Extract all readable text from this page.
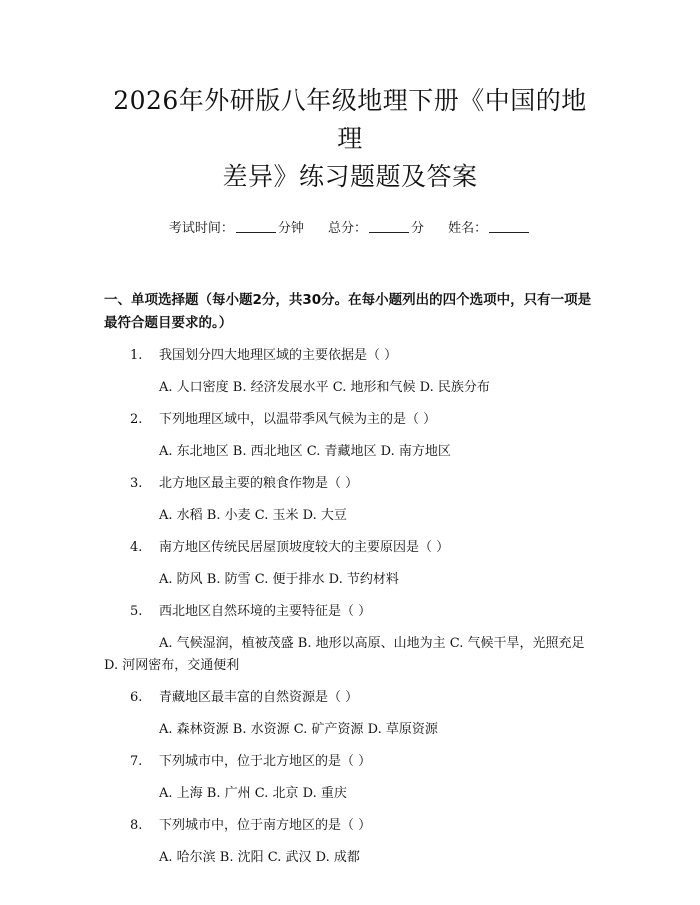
2026年外研版八年级地理下册《中国的地理
差异》练习题题及答案
考试时间：	分钟 总分：	分 姓名：
一、单项选择题（每小题2分，共30分。在每小题列出的四个选项中，只有一项是最符合题目要求的。）
1.	我国划分四大地理区域的主要依据是（ ）
A. 人口密度 B. 经济发展水平 C. 地形和气候 D. 民族分布
2.	下列地理区域中，以温带季风气候为主的是（ ）
A. 东北地区 B. 西北地区 C. 青藏地区 D. 南方地区
3.	北方地区最主要的粮食作物是（ ）
A. 水稻 B. 小麦 C. 玉米 D. 大豆
4.	南方地区传统民居屋顶坡度较大的主要原因是（ ）
A. 防风 B. 防雪 C. 便于排水 D. 节约材料
5.	西北地区自然环境的主要特征是（ ）
A. 气候湿润，植被茂盛 B. 地形以高原、山地为主 C. 气候干旱，光照充足 D. 河网密布，交通便利
6.	青藏地区最丰富的自然资源是（ ）
A. 森林资源 B. 水资源 C. 矿产资源 D. 草原资源
7.	下列城市中，位于北方地区的是（ ）
A. 上海 B. 广州 C. 北京 D. 重庆
8.	下列城市中，位于南方地区的是（ ）
A. 哈尔滨 B. 沈阳 C. 武汉 D. 成都
